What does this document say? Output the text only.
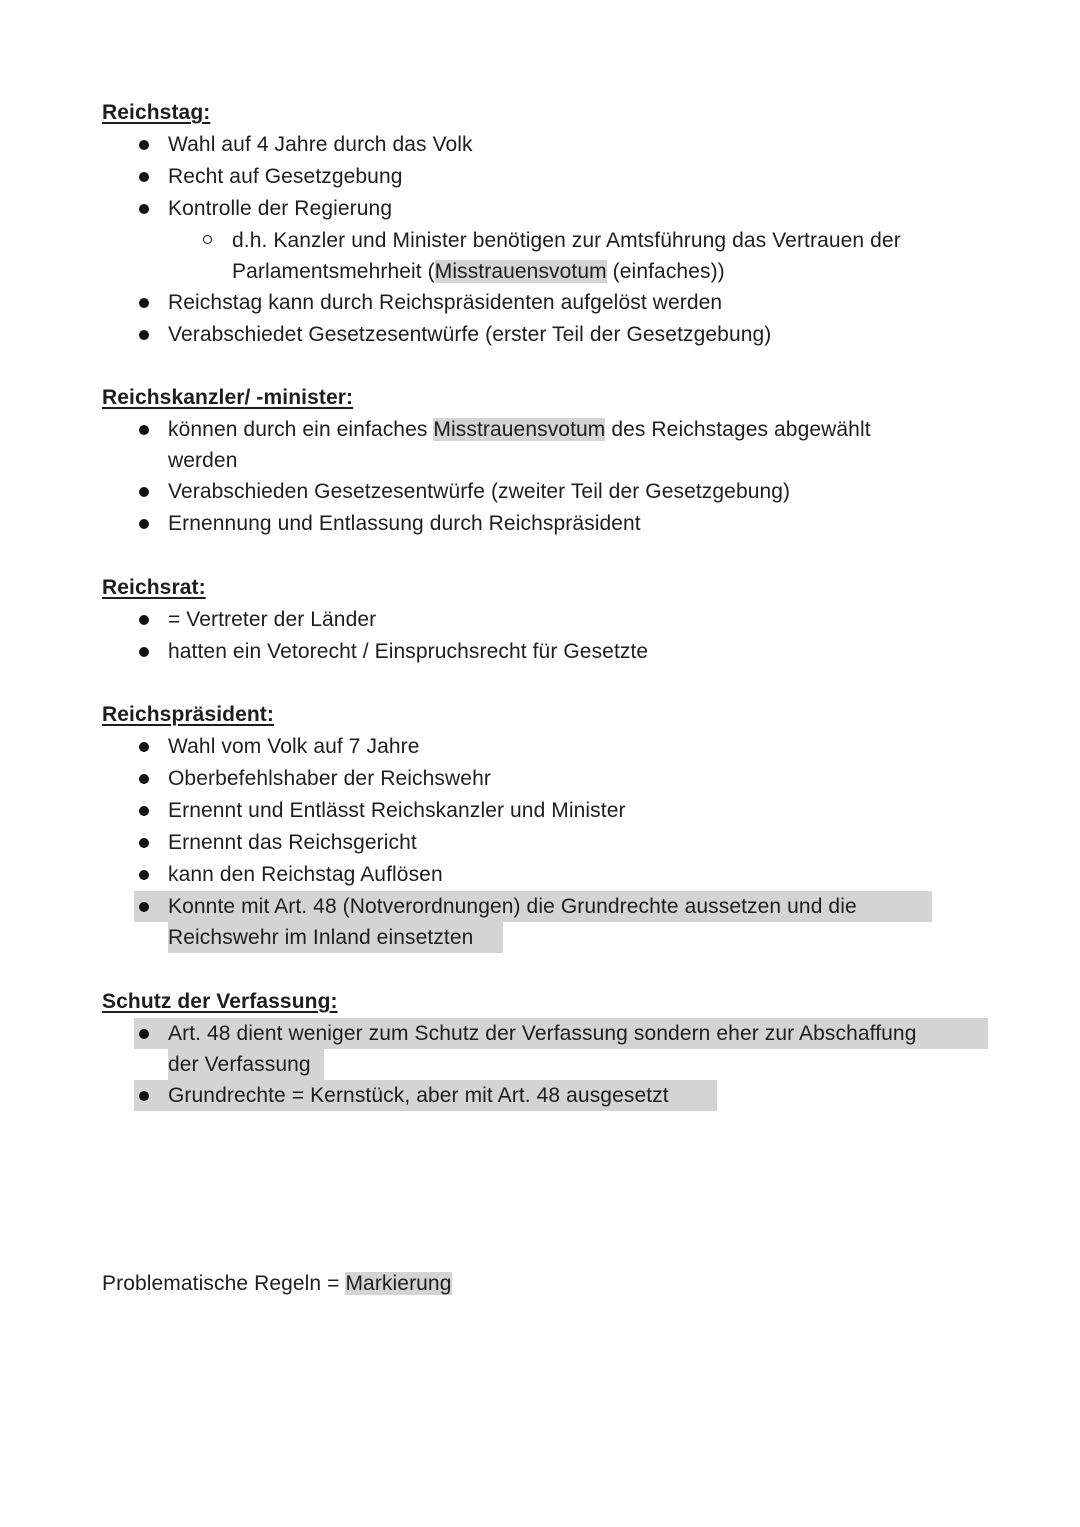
Reichstag:

Wahl auf 4 Jahre durch das Volk
Recht auf Gesetzgebung
Kontrolle der Regierung
d.h. Kanzler und Minister benötigen zur Amtsführung das Vertrauen der
Parlamentsmehrheit (Misstrauensvotum (einfaches))
Reichstag kann durch Reichspräsidenten aufgelöst werden
Verabschiedet Gesetzesentwürfe (erster Teil der Gesetzgebung)

Reichskanzler/ -minister:

können durch ein einfaches Misstrauensvotum des Reichstages abgewählt
werden
Verabschieden Gesetzesentwürfe (zweiter Teil der Gesetzgebung)
Ernennung und Entlassung durch Reichspräsident

Reichsrat:

= Vertreter der Länder
hatten ein Vetorecht / Einspruchsrecht für Gesetzte

Reichspräsident:

Wahl vom Volk auf 7 Jahre
Oberbefehlshaber der Reichswehr
Ernennt und Entlässt Reichskanzler und Minister
Ernennt das Reichsgericht
kann den Reichstag Auflösen
Konnte mit Art. 48 (Notverordnungen) die Grundrechte aussetzen und die
Reichswehr im Inland einsetzten

Schutz der Verfassung:

Art. 48 dient weniger zum Schutz der Verfassung sondern eher zur Abschaffung
der Verfassung
Grundrechte = Kernstück, aber mit Art. 48 ausgesetzt
Problematische Regeln = Markierung
